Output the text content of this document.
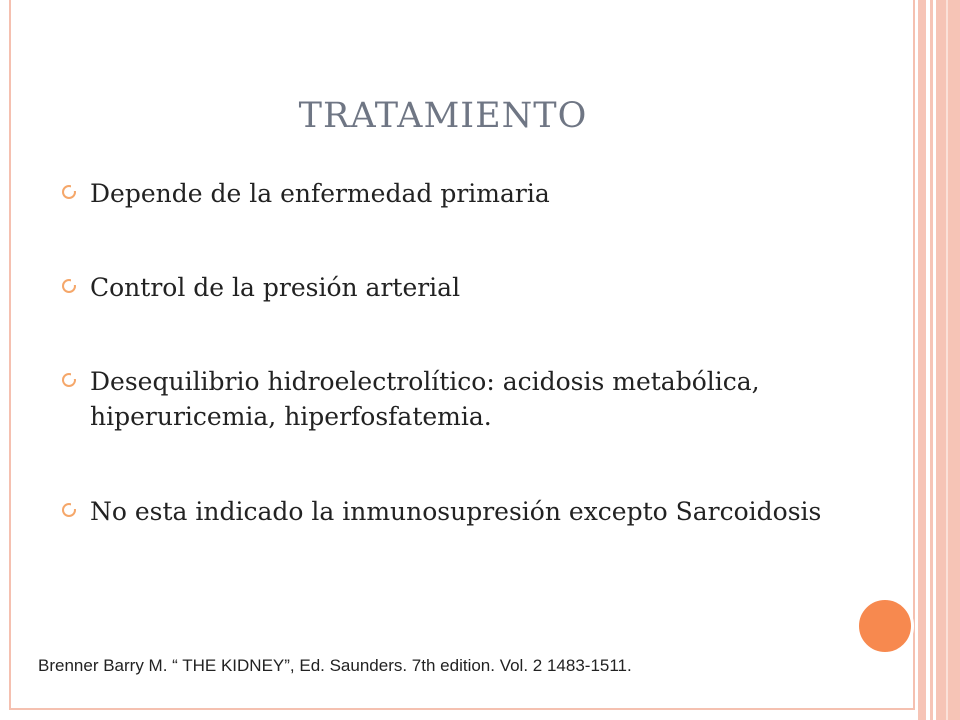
TRATAMIENTO
Depende de la enfermedad primaria
Control de la presión arterial
Desequilibrio hidroelectrolítico: acidosis metabólica, hiperuricemia, hiperfosfatemia.
No esta indicado la inmunosupresión excepto Sarcoidosis
Brenner Barry M. “ THE KIDNEY”, Ed. Saunders. 7th edition. Vol. 2 1483-1511.
